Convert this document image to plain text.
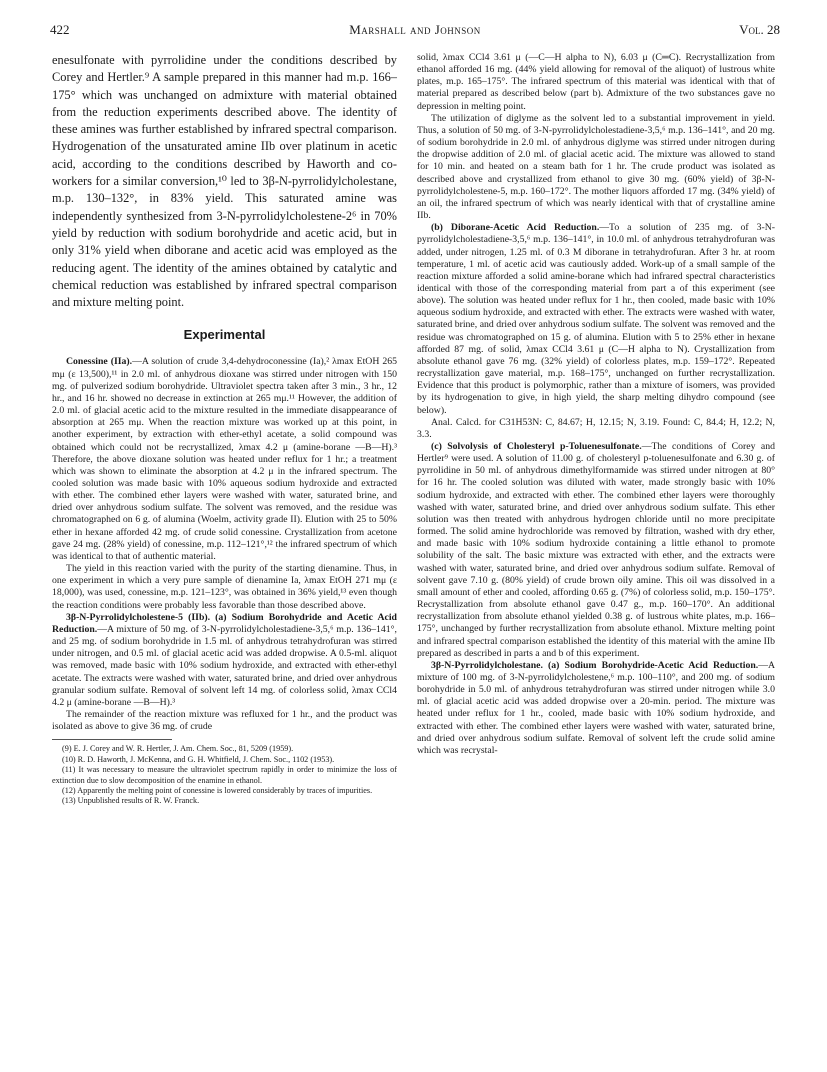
422	Marshall and Johnson	Vol. 28

enesulfonate with pyrrolidine under the conditions described by Corey and Hertler.⁹ A sample prepared in this manner had m.p. 166–175° which was unchanged on admixture with material obtained from the reduction experiments described above. The identity of these amines was further established by infrared spectral comparison. Hydrogenation of the unsaturated amine IIb over platinum in acetic acid, according to the conditions described by Haworth and co-workers for a similar conversion,¹⁰ led to 3β-N-pyrrolidylcholestane, m.p. 130–132°, in 83% yield. This saturated amine was independently synthesized from 3-N-pyrrolidylcholestene-2⁶ in 70% yield by reduction with sodium borohydride and acetic acid, but in only 31% yield when diborane and acetic acid was employed as the reducing agent. The identity of the amines obtained by catalytic and chemical reduction was established by infrared spectral comparison and mixture melting point.

Experimental

Conessine (IIa).—A solution of crude 3,4-dehydroconessine (Ia),² λmax EtOH 265 mμ (ε 13,500),¹¹ in 2.0 ml. of anhydrous dioxane was stirred under nitrogen with 150 mg. of pulverized sodium borohydride. Ultraviolet spectra taken after 3 min., 3 hr., 12 hr., and 16 hr. showed no decrease in extinction at 265 mμ.¹¹ However, the addition of 2.0 ml. of glacial acetic acid to the mixture resulted in the immediate disappearance of absorption at 265 mμ. When the reaction mixture was worked up at this point, in another experiment, by extraction with ether-ethyl acetate, a solid compound was obtained which could not be recrystallized, λmax 4.2 μ (amine-borane —B—H).³ Therefore, the above dioxane solution was heated under reflux for 1 hr.; a treatment which was shown to eliminate the absorption at 4.2 μ in the infrared spectrum. The cooled solution was made basic with 10% aqueous sodium hydroxide and extracted with ether. The combined ether layers were washed with water, saturated brine, and dried over anhydrous sodium sulfate. The solvent was removed, and the residue was chromatographed on 6 g. of alumina (Woelm, activity grade II). Elution with 25 to 50% ether in hexane afforded 42 mg. of crude solid conessine. Crystallization from acetone gave 24 mg. (28% yield) of conessine, m.p. 112–121°,¹² the infrared spectrum of which was identical to that of authentic material.

The yield in this reaction varied with the purity of the starting dienamine. Thus, in one experiment in which a very pure sample of dienamine Ia, λmax EtOH 271 mμ (ε 18,000), was used, conessine, m.p. 121–123°, was obtained in 36% yield,¹³ even though the reaction conditions were probably less favorable than those described above.

3β-N-Pyrrolidylcholestene-5 (IIb). (a) Sodium Borohydride and Acetic Acid Reduction.—A mixture of 50 mg. of 3-N-pyrrolidylcholestadiene-3,5,⁶ m.p. 136–141°, and 25 mg. of sodium borohydride in 1.5 ml. of anhydrous tetrahydrofuran was stirred under nitrogen, and 0.5 ml. of glacial acetic acid was added dropwise. A 0.5-ml. aliquot was removed, made basic with 10% sodium hydroxide, and extracted with ether-ethyl acetate. The extracts were washed with water, saturated brine, and dried over anhydrous granular sodium sulfate. Removal of solvent left 14 mg. of colorless solid, λmax CCl4 4.2 μ (amine-borane —B—H).³

The remainder of the reaction mixture was refluxed for 1 hr., and the product was isolated as above to give 36 mg. of crude

(9) E. J. Corey and W. R. Hertler, J. Am. Chem. Soc., 81, 5209 (1959).

(10) R. D. Haworth, J. McKenna, and G. H. Whitfield, J. Chem. Soc., 1102 (1953).

(11) It was necessary to measure the ultraviolet spectrum rapidly in order to minimize the loss of extinction due to slow decomposition of the enamine in ethanol.

(12) Apparently the melting point of conessine is lowered considerably by traces of impurities.

(13) Unpublished results of R. W. Franck.

solid, λmax CCl4 3.61 μ (—C—H alpha to N), 6.03 μ (C═C). Recrystallization from ethanol afforded 16 mg. (44% yield allowing for removal of the aliquot) of lustrous white plates, m.p. 165–175°. The infrared spectrum of this material was identical with that of material prepared as described below (part b). Admixture of the two substances gave no depression in melting point.

The utilization of diglyme as the solvent led to a substantial improvement in yield. Thus, a solution of 50 mg. of 3-N-pyrrolidylcholestadiene-3,5,⁶ m.p. 136–141°, and 20 mg. of sodium borohydride in 2.0 ml. of anhydrous diglyme was stirred under nitrogen during the dropwise addition of 2.0 ml. of glacial acetic acid. The mixture was allowed to stand for 10 min. and heated on a steam bath for 1 hr. The crude product was isolated as described above and crystallized from ethanol to give 30 mg. (60% yield) of 3β-N-pyrrolidylcholestene-5, m.p. 160–172°. The mother liquors afforded 17 mg. (34% yield) of an oil, the infrared spectrum of which was nearly identical with that of crystalline amine IIb.

(b) Diborane-Acetic Acid Reduction.—To a solution of 235 mg. of 3-N-pyrrolidylcholestadiene-3,5,⁶ m.p. 136–141°, in 10.0 ml. of anhydrous tetrahydrofuran was added, under nitrogen, 1.25 ml. of 0.3 M diborane in tetrahydrofuran. After 3 hr. at room temperature, 1 ml. of acetic acid was cautiously added. Work-up of a small sample of the reaction mixture afforded a solid amine-borane which had infrared spectral characteristics identical with those of the corresponding material from part a of this experiment (see above). The solution was heated under reflux for 1 hr., then cooled, made basic with 10% aqueous sodium hydroxide, and extracted with ether. The extracts were washed with water, saturated brine, and dried over anhydrous sodium sulfate. The solvent was removed and the residue was chromatographed on 15 g. of alumina. Elution with 5 to 25% ether in hexane afforded 87 mg. of solid, λmax CCl4 3.61 μ (C—H alpha to N). Crystallization from absolute ethanol gave 76 mg. (32% yield) of colorless plates, m.p. 159–172°. Repeated recrystallization gave material, m.p. 168–175°, unchanged on further recrystallization. Evidence that this product is polymorphic, rather than a mixture of isomers, was provided by its hydrogenation to give, in high yield, the sharp melting dihydro compound (see below).

Anal. Calcd. for C31H53N: C, 84.67; H, 12.15; N, 3.19. Found: C, 84.4; H, 12.2; N, 3.3.

(c) Solvolysis of Cholesteryl p-Toluenesulfonate.—The conditions of Corey and Hertler⁹ were used. A solution of 11.00 g. of cholesteryl p-toluenesulfonate and 6.30 g. of pyrrolidine in 50 ml. of anhydrous dimethylformamide was stirred under nitrogen at 80° for 16 hr. The cooled solution was diluted with water, made strongly basic with 10% sodium hydroxide, and extracted with ether. The combined ether layers were thoroughly washed with water, saturated brine, and dried over anhydrous sodium sulfate. This ether solution was then treated with anhydrous hydrogen chloride until no more precipitate formed. The solid amine hydrochloride was removed by filtration, washed with dry ether, and made basic with 10% sodium hydroxide containing a little ethanol to promote solubility of the salt. The basic mixture was extracted with ether, and the extracts were washed with water, saturated brine, and dried over anhydrous sodium sulfate. Removal of solvent gave 7.10 g. (80% yield) of crude brown oily amine. This oil was dissolved in a small amount of ether and cooled, affording 0.65 g. (7%) of colorless solid, m.p. 150–175°. Recrystallization from absolute ethanol gave 0.47 g., m.p. 160–170°. An additional recrystallization from absolute ethanol yielded 0.38 g. of lustrous white plates, m.p. 166–175°, unchanged by further recrystallization from absolute ethanol. Mixture melting point and infrared spectral comparison established the identity of this material with the amine IIb prepared as described in parts a and b of this experiment.

3β-N-Pyrrolidylcholestane. (a) Sodium Borohydride-Acetic Acid Reduction.—A mixture of 100 mg. of 3-N-pyrrolidylcholestene,⁶ m.p. 100–110°, and 200 mg. of sodium borohydride in 5.0 ml. of anhydrous tetrahydrofuran was stirred under nitrogen while 3.0 ml. of glacial acetic acid was added dropwise over a 20-min. period. The mixture was heated under reflux for 1 hr., cooled, made basic with 10% sodium hydroxide, and extracted with ether. The combined ether layers were washed with water, saturated brine, and dried over anhydrous sodium sulfate. Removal of solvent left the crude solid amine which was recrystal-
